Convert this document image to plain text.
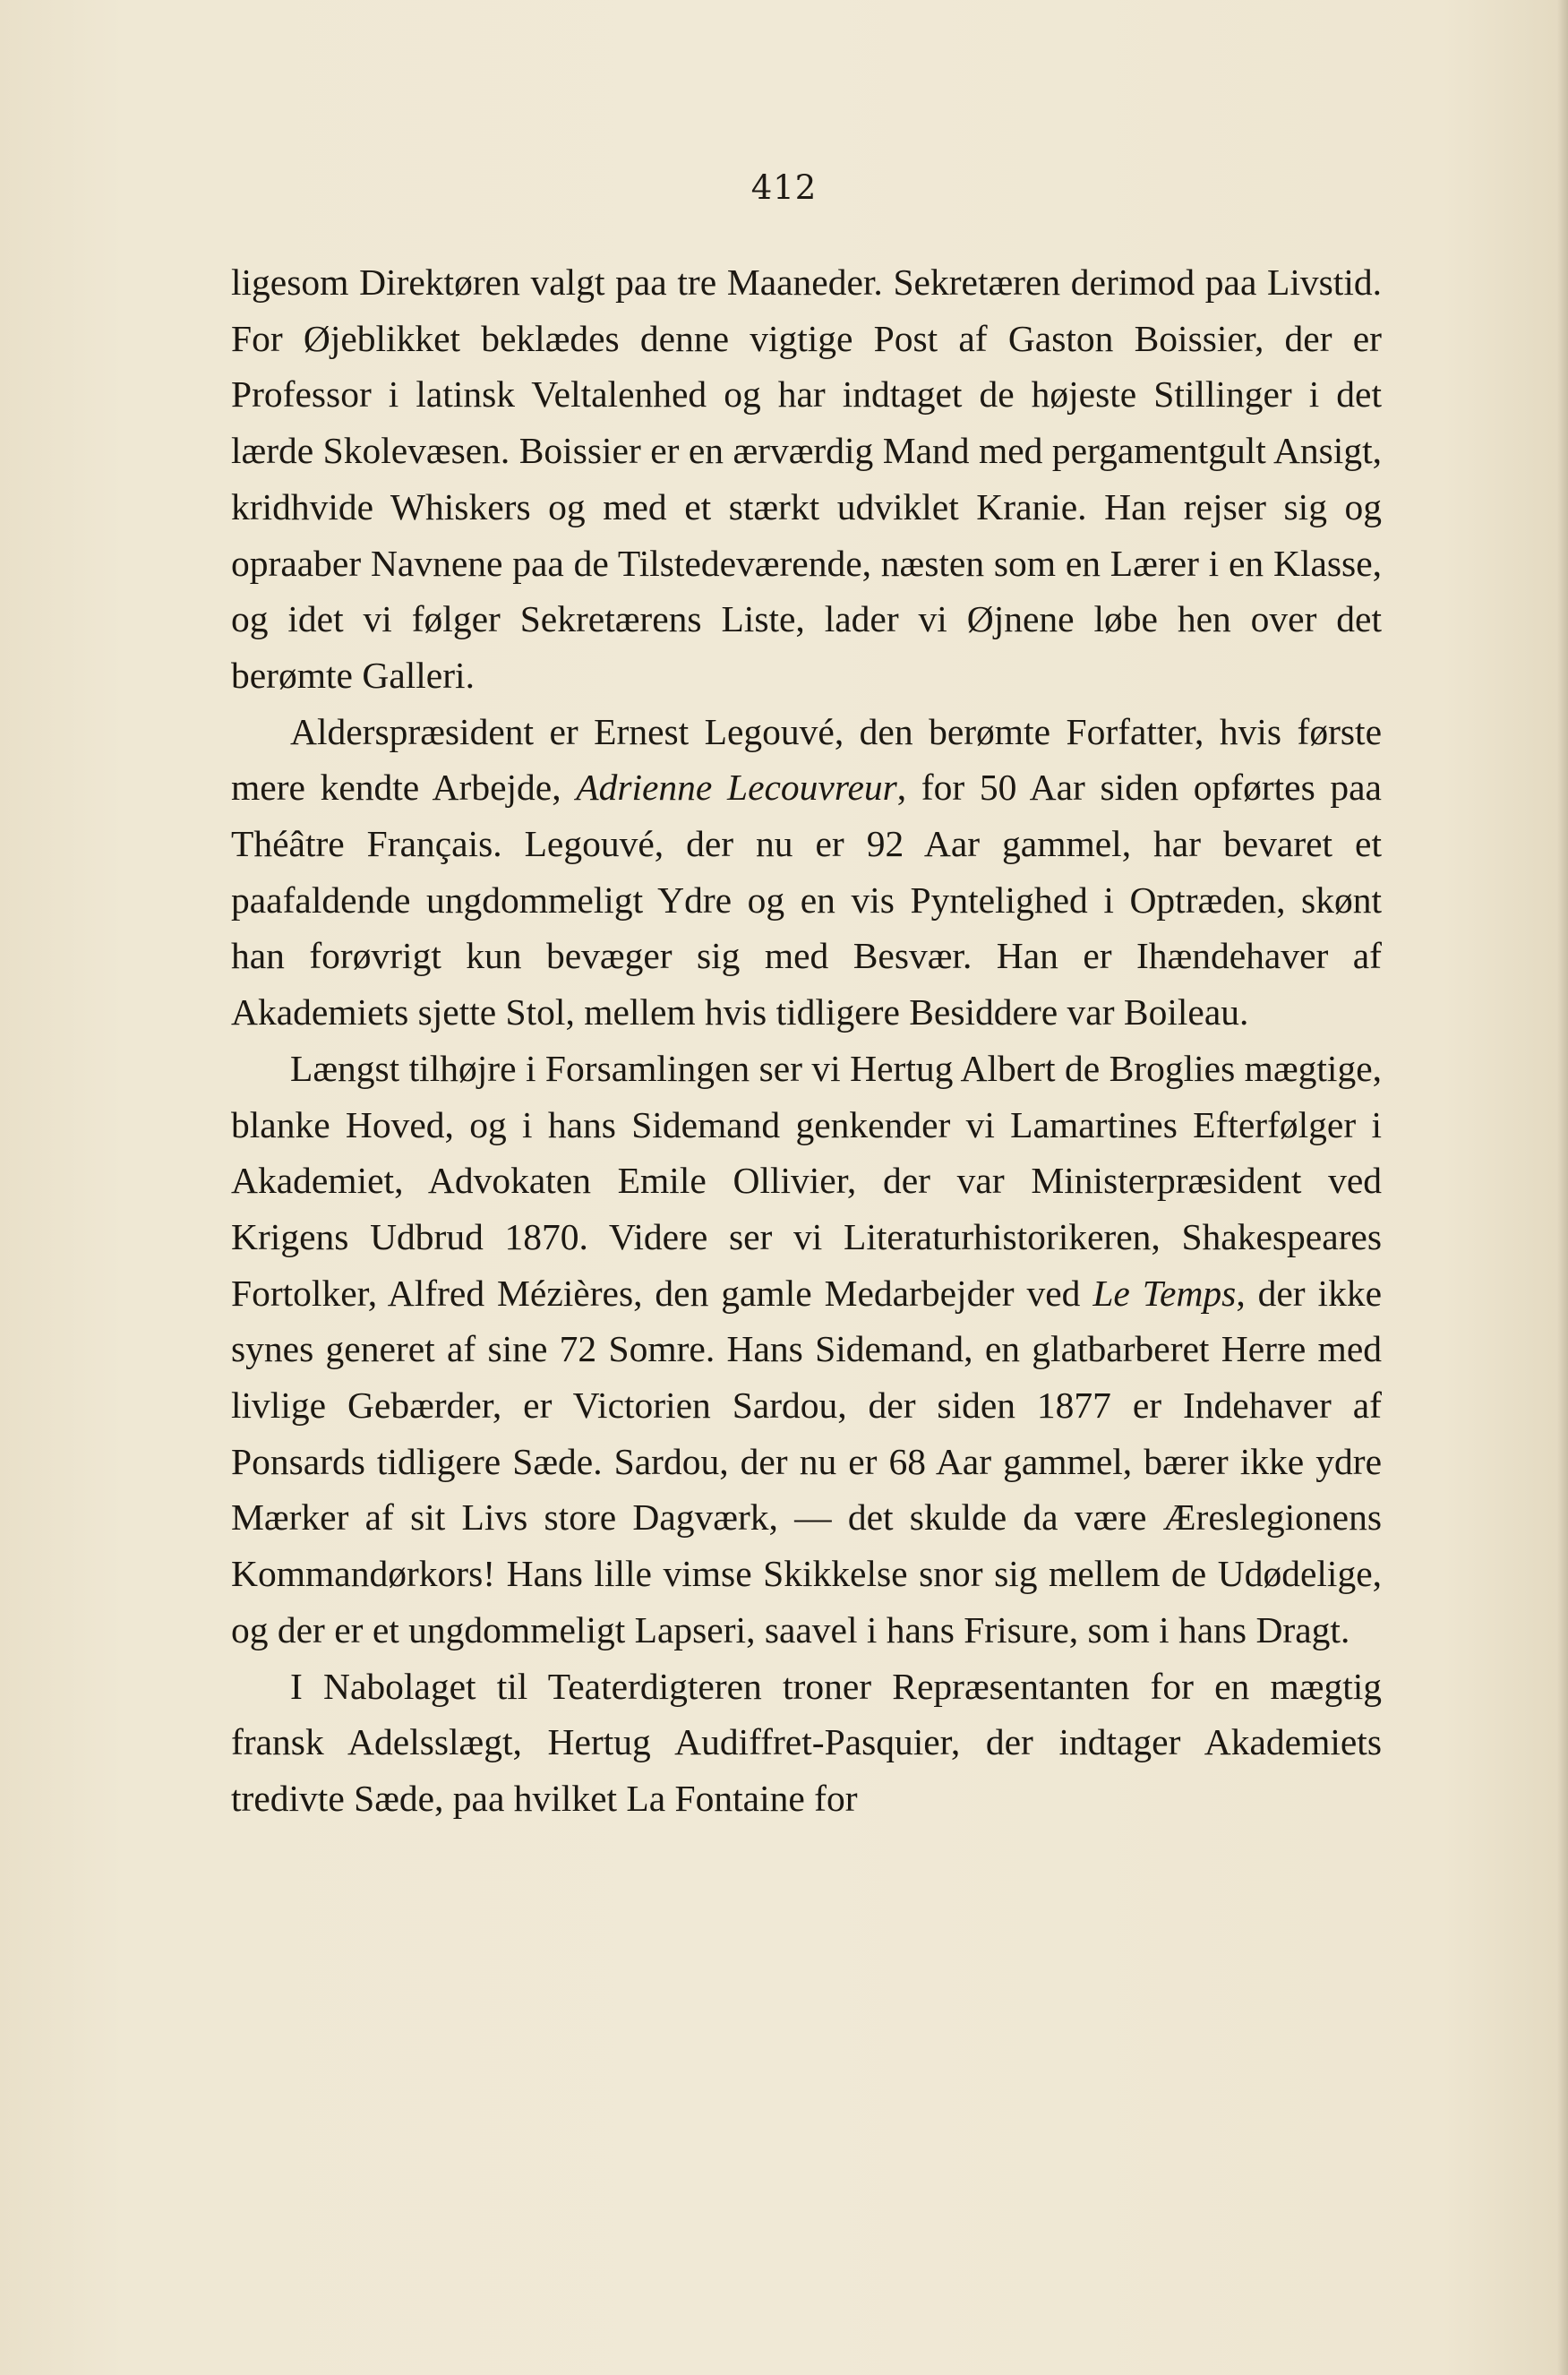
412

ligesom Direktøren valgt paa tre Maaneder. Sekretæren derimod paa Livstid. For Øjeblikket beklædes denne vigtige Post af Gaston Boissier, der er Professor i latinsk Veltalenhed og har indtaget de højeste Stillinger i det lærde Skolevæsen. Boissier er en ærværdig Mand med pergamentgult Ansigt, kridhvide Whiskers og med et stærkt udviklet Kranie. Han rejser sig og opraaber Navnene paa de Tilstedeværende, næsten som en Lærer i en Klasse, og idet vi følger Sekretærens Liste, lader vi Øjnene løbe hen over det berømte Galleri.

Alderspræsident er Ernest Legouvé, den berømte Forfatter, hvis første mere kendte Arbejde, Adrienne Lecouvreur, for 50 Aar siden opførtes paa Théâtre Français. Legouvé, der nu er 92 Aar gammel, har bevaret et paafaldende ungdommeligt Ydre og en vis Pyntelighed i Optræden, skønt han forøvrigt kun bevæger sig med Besvær. Han er Ihændehaver af Akademiets sjette Stol, mellem hvis tidligere Besiddere var Boileau.

Længst tilhøjre i Forsamlingen ser vi Hertug Albert de Broglies mægtige, blanke Hoved, og i hans Sidemand genkender vi Lamartines Efterfølger i Akademiet, Advokaten Emile Ollivier, der var Ministerpræsident ved Krigens Udbrud 1870. Videre ser vi Literaturhistorikeren, Shakespeares Fortolker, Alfred Mézières, den gamle Medarbejder ved Le Temps, der ikke synes generet af sine 72 Somre. Hans Sidemand, en glatbarberet Herre med livlige Gebærder, er Victorien Sardou, der siden 1877 er Indehaver af Ponsards tidligere Sæde. Sardou, der nu er 68 Aar gammel, bærer ikke ydre Mærker af sit Livs store Dagværk, — det skulde da være Æreslegionens Kommandørkors! Hans lille vimse Skikkelse snor sig mellem de Udødelige, og der er et ungdommeligt Lapseri, saavel i hans Frisure, som i hans Dragt.

I Nabolaget til Teaterdigteren troner Repræsentanten for en mægtig fransk Adelsslægt, Hertug Audiffret-Pasquier, der indtager Akademiets tredivte Sæde, paa hvilket La Fontaine for
